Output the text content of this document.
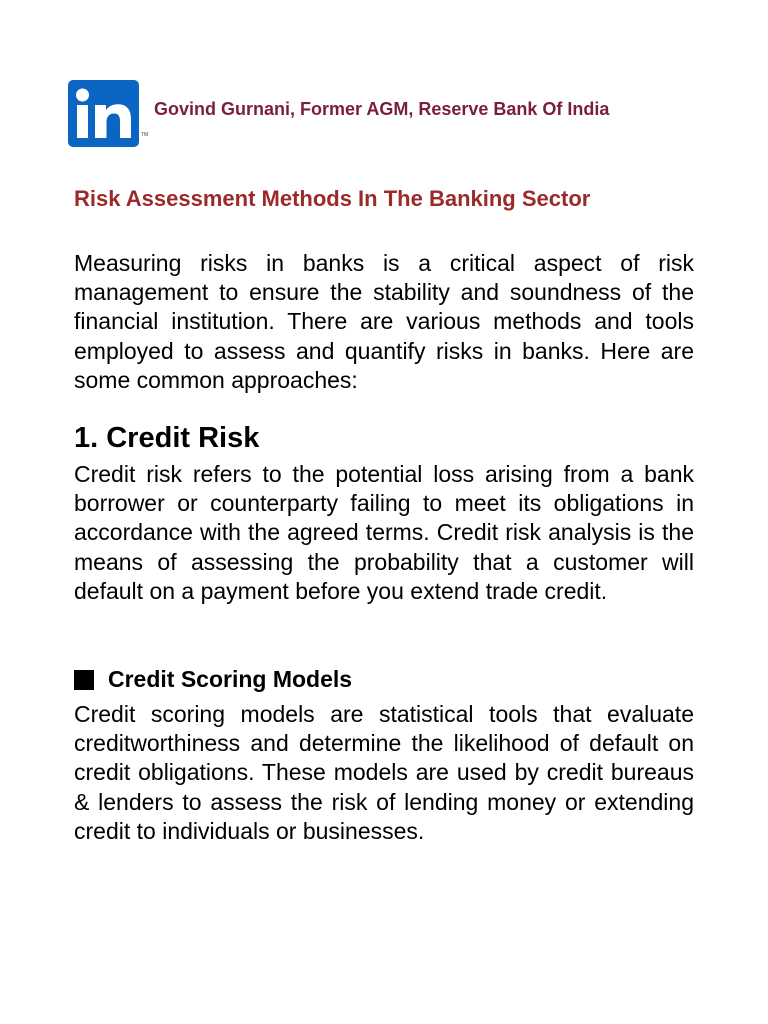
TM
Govind Gurnani, Former AGM, Reserve Bank Of India
Risk Assessment Methods In The Banking Sector

Measuring risks in banks is a critical aspect of risk management to ensure the stability and soundness of the financial institution. There are various methods and tools employed to assess and quantify risks in banks. Here are some common approaches:

1. Credit Risk

Credit risk refers to the potential loss arising from a bank borrower or counterparty failing to meet its obligations in accordance with the agreed terms. Credit risk analysis is the means of assessing the probability that a customer will default on a payment before you extend trade credit.

Credit Scoring Models

Credit scoring models are statistical tools that evaluate creditworthiness and determine the likelihood of default on credit obligations. These models are used by credit bureaus & lenders to assess the risk of lending money or extending credit to individuals or businesses.
